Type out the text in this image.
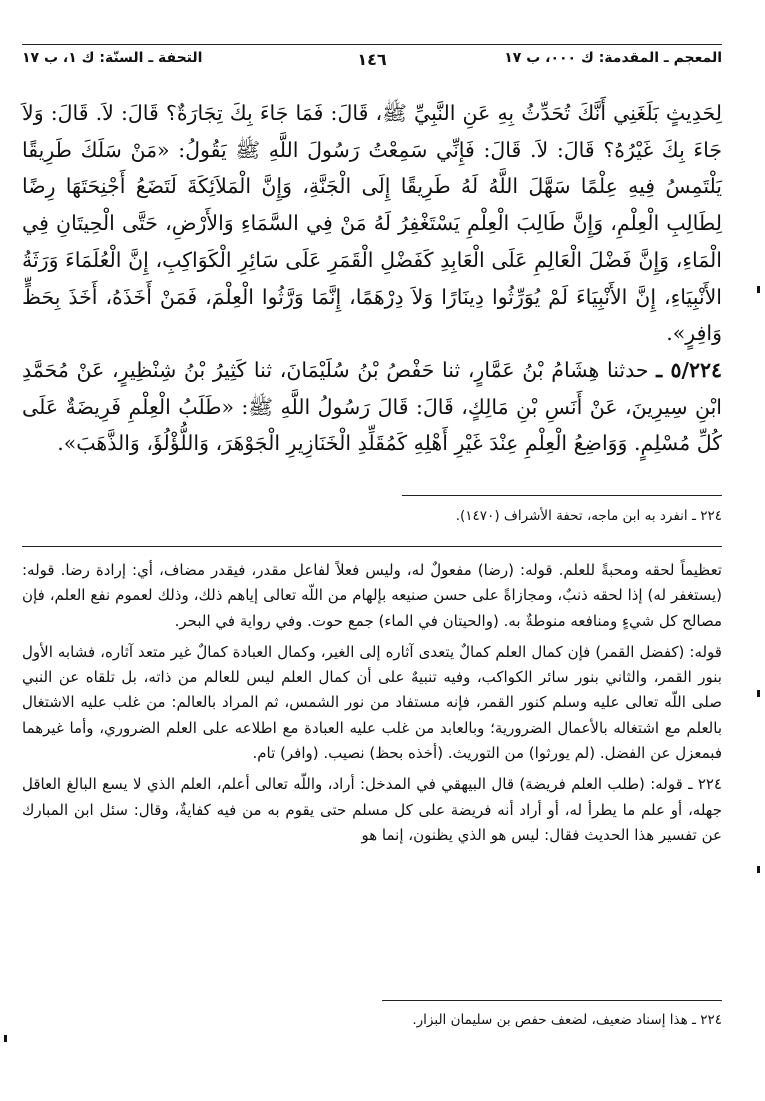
المعجم ـ المقدمة: ك ٠٠٠، ب ١٧
١٤٦
التحفة ـ السنّة: ك ١، ب ١٧

لِحَدِيثٍ بَلَغَنِي أَنَّكَ تُحَدِّثُ بِهِ عَنِ النَّبِيِّ ﷺ، قَالَ: فَمَا جَاءَ بِكَ تِجَارَةٌ؟ قَالَ: لاَ. قَالَ: وَلاَ جَاءَ بِكَ غَيْرُهُ؟ قَالَ: لاَ. قَالَ: فَإِنِّي سَمِعْتُ رَسُولَ اللَّهِ ﷺ يَقُولُ: «مَنْ سَلَكَ طَرِيقًا يَلْتَمِسُ فِيهِ عِلْمًا سَهَّلَ اللَّهُ لَهُ طَرِيقًا إِلَى الْجَنَّةِ، وَإِنَّ الْمَلاَئِكَةَ لَتَضَعُ أَجْنِحَتَهَا رِضًا لِطَالِبِ الْعِلْمِ، وَإِنَّ طَالِبَ الْعِلْمِ يَسْتَغْفِرُ لَهُ مَنْ فِي السَّمَاءِ وَالأَرْضِ، حَتَّى الْحِيتَانِ فِي الْمَاءِ، وَإِنَّ فَضْلَ الْعَالِمِ عَلَى الْعَابِدِ كَفَضْلِ الْقَمَرِ عَلَى سَائِرِ الْكَوَاكِبِ، إِنَّ الْعُلَمَاءَ وَرَثَةُ الأَنْبِيَاءِ، إِنَّ الأَنْبِيَاءَ لَمْ يُوَرِّثُوا دِينَارًا وَلاَ دِرْهَمًا، إِنَّمَا وَرَّثُوا الْعِلْمَ، فَمَنْ أَخَذَهُ، أَخَذَ بِحَظٍّ وَافِرٍ».

٥/٢٢٤ ـ حدثنا هِشَامُ بْنُ عَمَّارٍ، ثنا حَفْصُ بْنُ سُلَيْمَانَ، ثنا كَثِيرُ بْنُ شِنْظِيرٍ، عَنْ مُحَمَّدِ ابْنِ سِيرِينَ، عَنْ أَنَسِ بْنِ مَالِكٍ، قَالَ: قَالَ رَسُولُ اللَّهِ ﷺ: «طَلَبُ الْعِلْمِ فَرِيضَةٌ عَلَى كُلِّ مُسْلِمٍ. وَوَاضِعُ الْعِلْمِ عِنْدَ غَيْرِ أَهْلِهِ كَمُقَلِّدِ الْخَنَازِيرِ الْجَوْهَرَ، وَاللُّؤْلُؤَ، وَالذَّهَبَ».

٢٢٤ ـ انفرد به ابن ماجه، تحفة الأشراف (١٤٧٠).

تعظيماً لحقه ومحبةً للعلم. قوله: (رضا) مفعولٌ له، وليس فعلاً لفاعل مقدر، فيقدر مضاف، أي: إرادة رضا. قوله: (يستغفر له) إذا لحقه ذنبٌ، ومجازاةً على حسن صنيعه بإلهام من اللّه تعالى إياهم ذلك، وذلك لعموم نفع العلم، فإن مصالح كل شيءٍ ومنافعه منوطةٌ به. (والحيتان في الماء) جمع حوت. وفي رواية في البحر.

قوله: (كفضل القمر) فإن كمال العلم كمالٌ يتعدى آثاره إلى الغير، وكمال العبادة كمالٌ غير متعد آثاره، فشابه الأول بنور القمر، والثاني بنور سائر الكواكب، وفيه تنبيهٌ على أن كمال العلم ليس للعالم من ذاته، بل تلقاه عن النبي صلى اللّه تعالى عليه وسلم كنور القمر، فإنه مستفاد من نور الشمس، ثم المراد بالعالم: من غلب عليه الاشتغال بالعلم مع اشتغاله بالأعمال الضرورية؛ وبالعابد من غلب عليه العبادة مع اطلاعه على العلم الضروري، وأما غيرهما فبمعزل عن الفضل. (لم يورثوا) من التوريث. (أخذه بحظ) نصيب. (وافر) تام.

٢٢٤ ـ قوله: (طلب العلم فريضة) قال البيهقي في المدخل: أراد، واللّه تعالى أعلم، العلم الذي لا يسع البالغ العاقل جهله، أو علم ما يطرأ له، أو أراد أنه فريضة على كل مسلم حتى يقوم به من فيه كفايةٌ، وقال: سئل ابن المبارك عن تفسير هذا الحديث فقال: ليس هو الذي يظنون، إنما هو

٢٢٤ ـ هذا إسناد ضعيف، لضعف حفص بن سليمان البزار.
